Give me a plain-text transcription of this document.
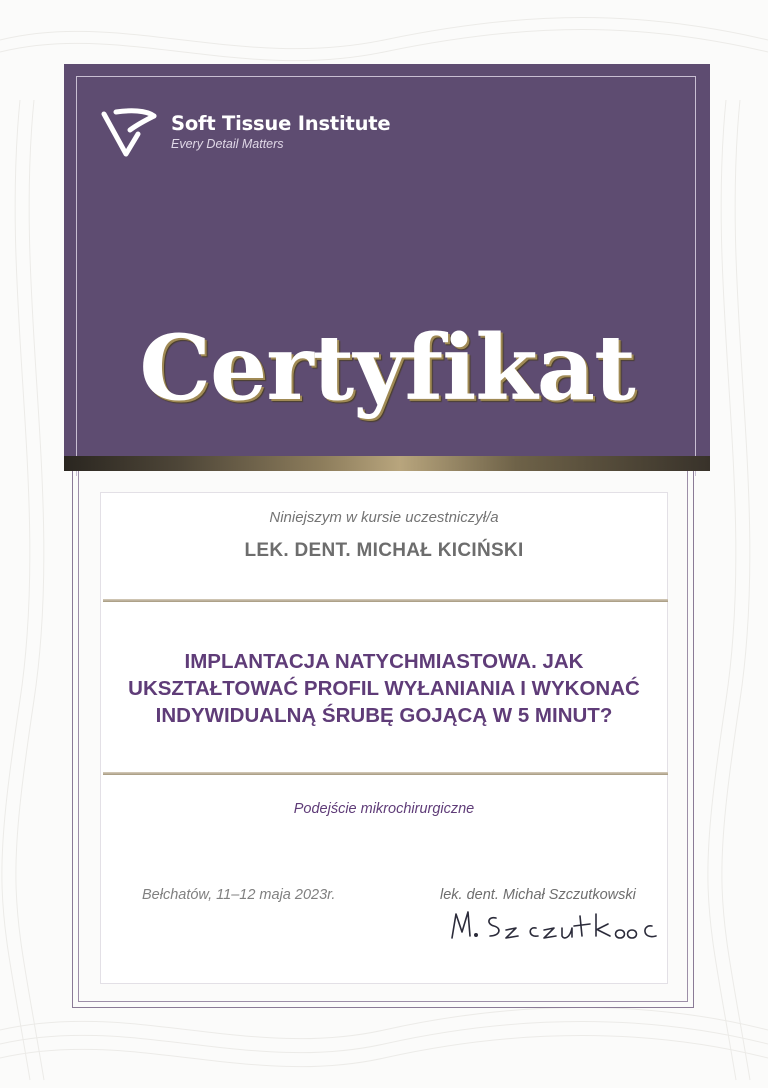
Soft Tissue Institute
Every Detail Matters
Certyfikat
Niniejszym w kursie uczestniczył/a
LEK. DENT. MICHAŁ KICIŃSKI
IMPLANTACJA NATYCHMIASTOWA. JAK
UKSZTAŁTOWAĆ PROFIL WYŁANIANIA I WYKONAĆ
INDYWIDUALNĄ ŚRUBĘ GOJĄCĄ W 5 MINUT?
Podejście mikrochirurgiczne
Bełchatów, 11–12 maja 2023r.	lek. dent. Michał Szczutkowski
